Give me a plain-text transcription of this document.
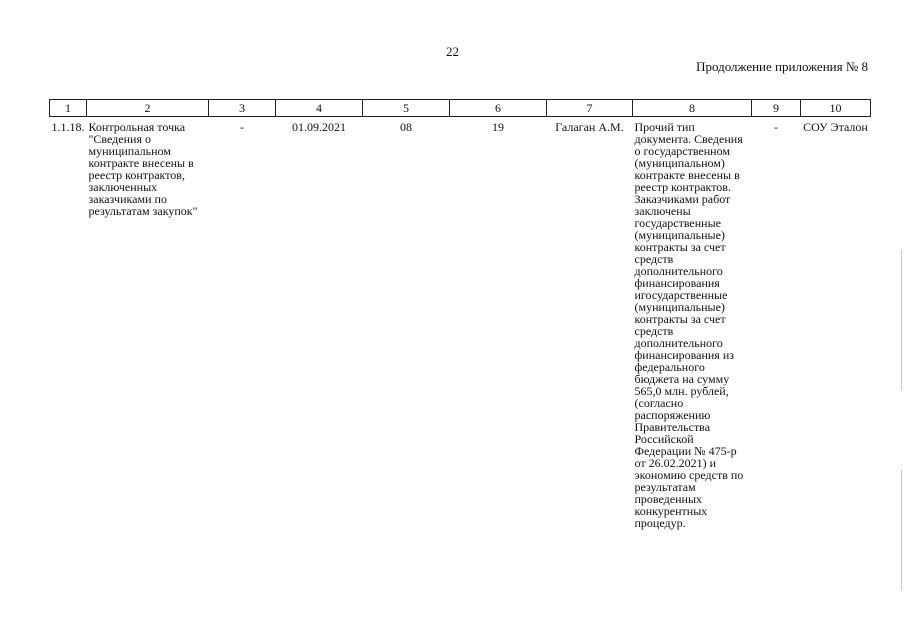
22
Продолжение приложения № 8
1	2	3	4	5	6	7	8	9	10
1.1.18.	Контрольная точка "Сведения о муниципальном контракте внесены в реестр контрактов, заключенных заказчиками по результатам закупок"	-	01.09.2021	08	19	Галаган А.М.	Прочий тип документа. Сведения о государственном (муниципальном) контракте внесены в реестр контрактов. Заказчиками работ заключены государственные (муниципальные) контракты за счет средств дополнительного финансирования игосударственные (муниципальные) контракты за счет средств дополнительного финансирования из федерального бюджета на сумму 565,0 млн. рублей, (согласно распоряжению Правительства Российской Федерации № 475-р от 26.02.2021) и экономию средств по результатам проведенных конкурентных процедур.	-	СОУ Эталон
